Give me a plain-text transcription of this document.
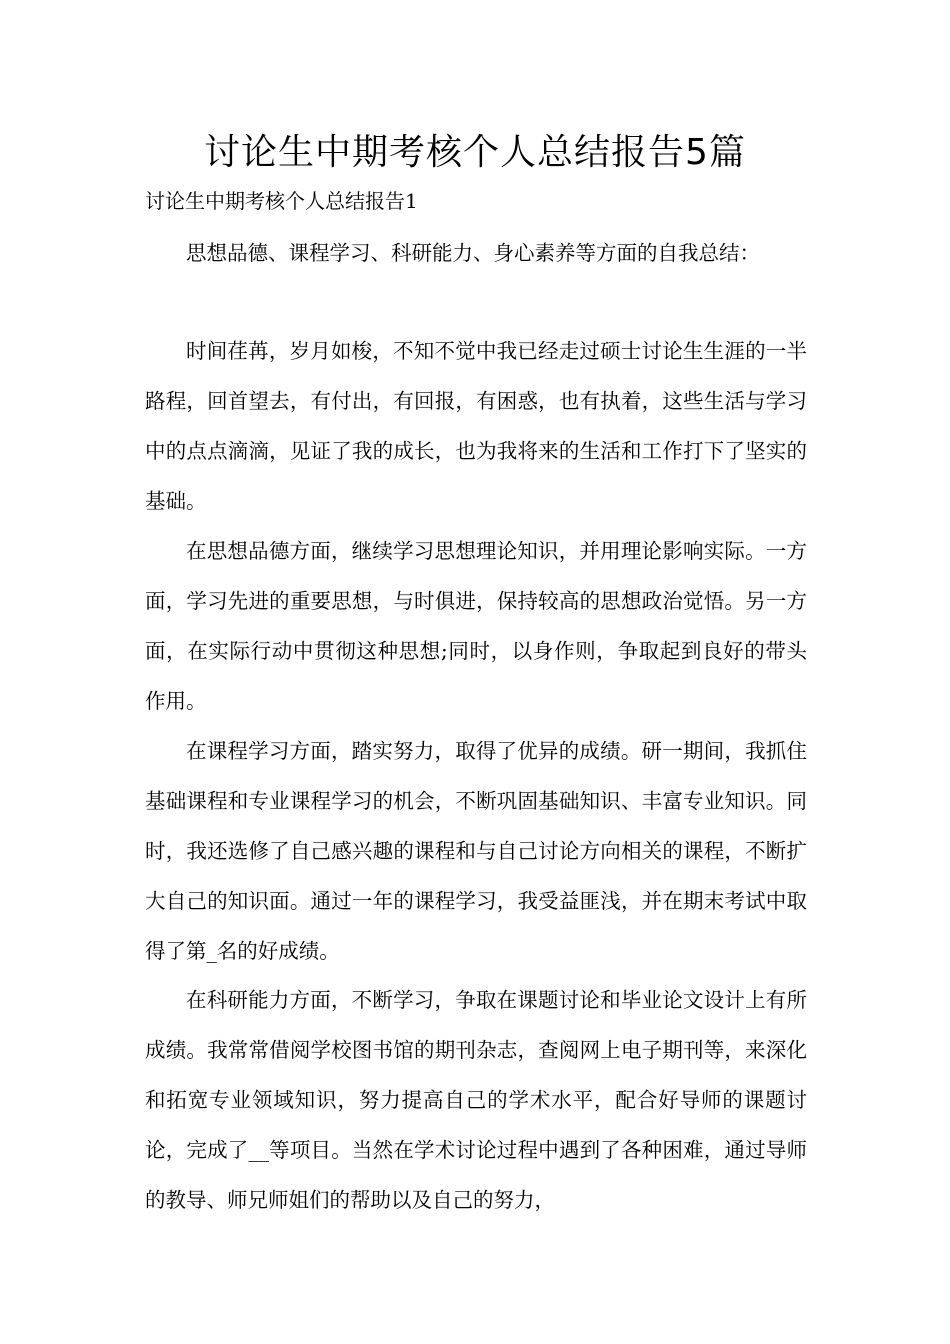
讨论生中期考核个人总结报告5篇
讨论生中期考核个人总结报告1

思想品德、课程学习、科研能力、身心素养等方面的自我总结：

时间荏苒，岁月如梭，不知不觉中我已经走过硕士讨论生生涯的一半路程，回首望去，有付出，有回报，有困惑，也有执着，这些生活与学习中的点点滴滴，见证了我的成长，也为我将来的生活和工作打下了坚实的基础。

在思想品德方面，继续学习思想理论知识，并用理论影响实际。一方面，学习先进的重要思想，与时俱进，保持较高的思想政治觉悟。另一方面，在实际行动中贯彻这种思想;同时，以身作则，争取起到良好的带头作用。

在课程学习方面，踏实努力，取得了优异的成绩。研一期间，我抓住基础课程和专业课程学习的机会，不断巩固基础知识、丰富专业知识。同时，我还选修了自己感兴趣的课程和与自己讨论方向相关的课程，不断扩大自己的知识面。通过一年的课程学习，我受益匪浅，并在期末考试中取得了第_名的好成绩。

在科研能力方面，不断学习，争取在课题讨论和毕业论文设计上有所成绩。我常常借阅学校图书馆的期刊杂志，查阅网上电子期刊等，来深化和拓宽专业领域知识，努力提高自己的学术水平，配合好导师的课题讨论，完成了__等项目。当然在学术讨论过程中遇到了各种困难，通过导师的教导、师兄师姐们的帮助以及自己的努力，
